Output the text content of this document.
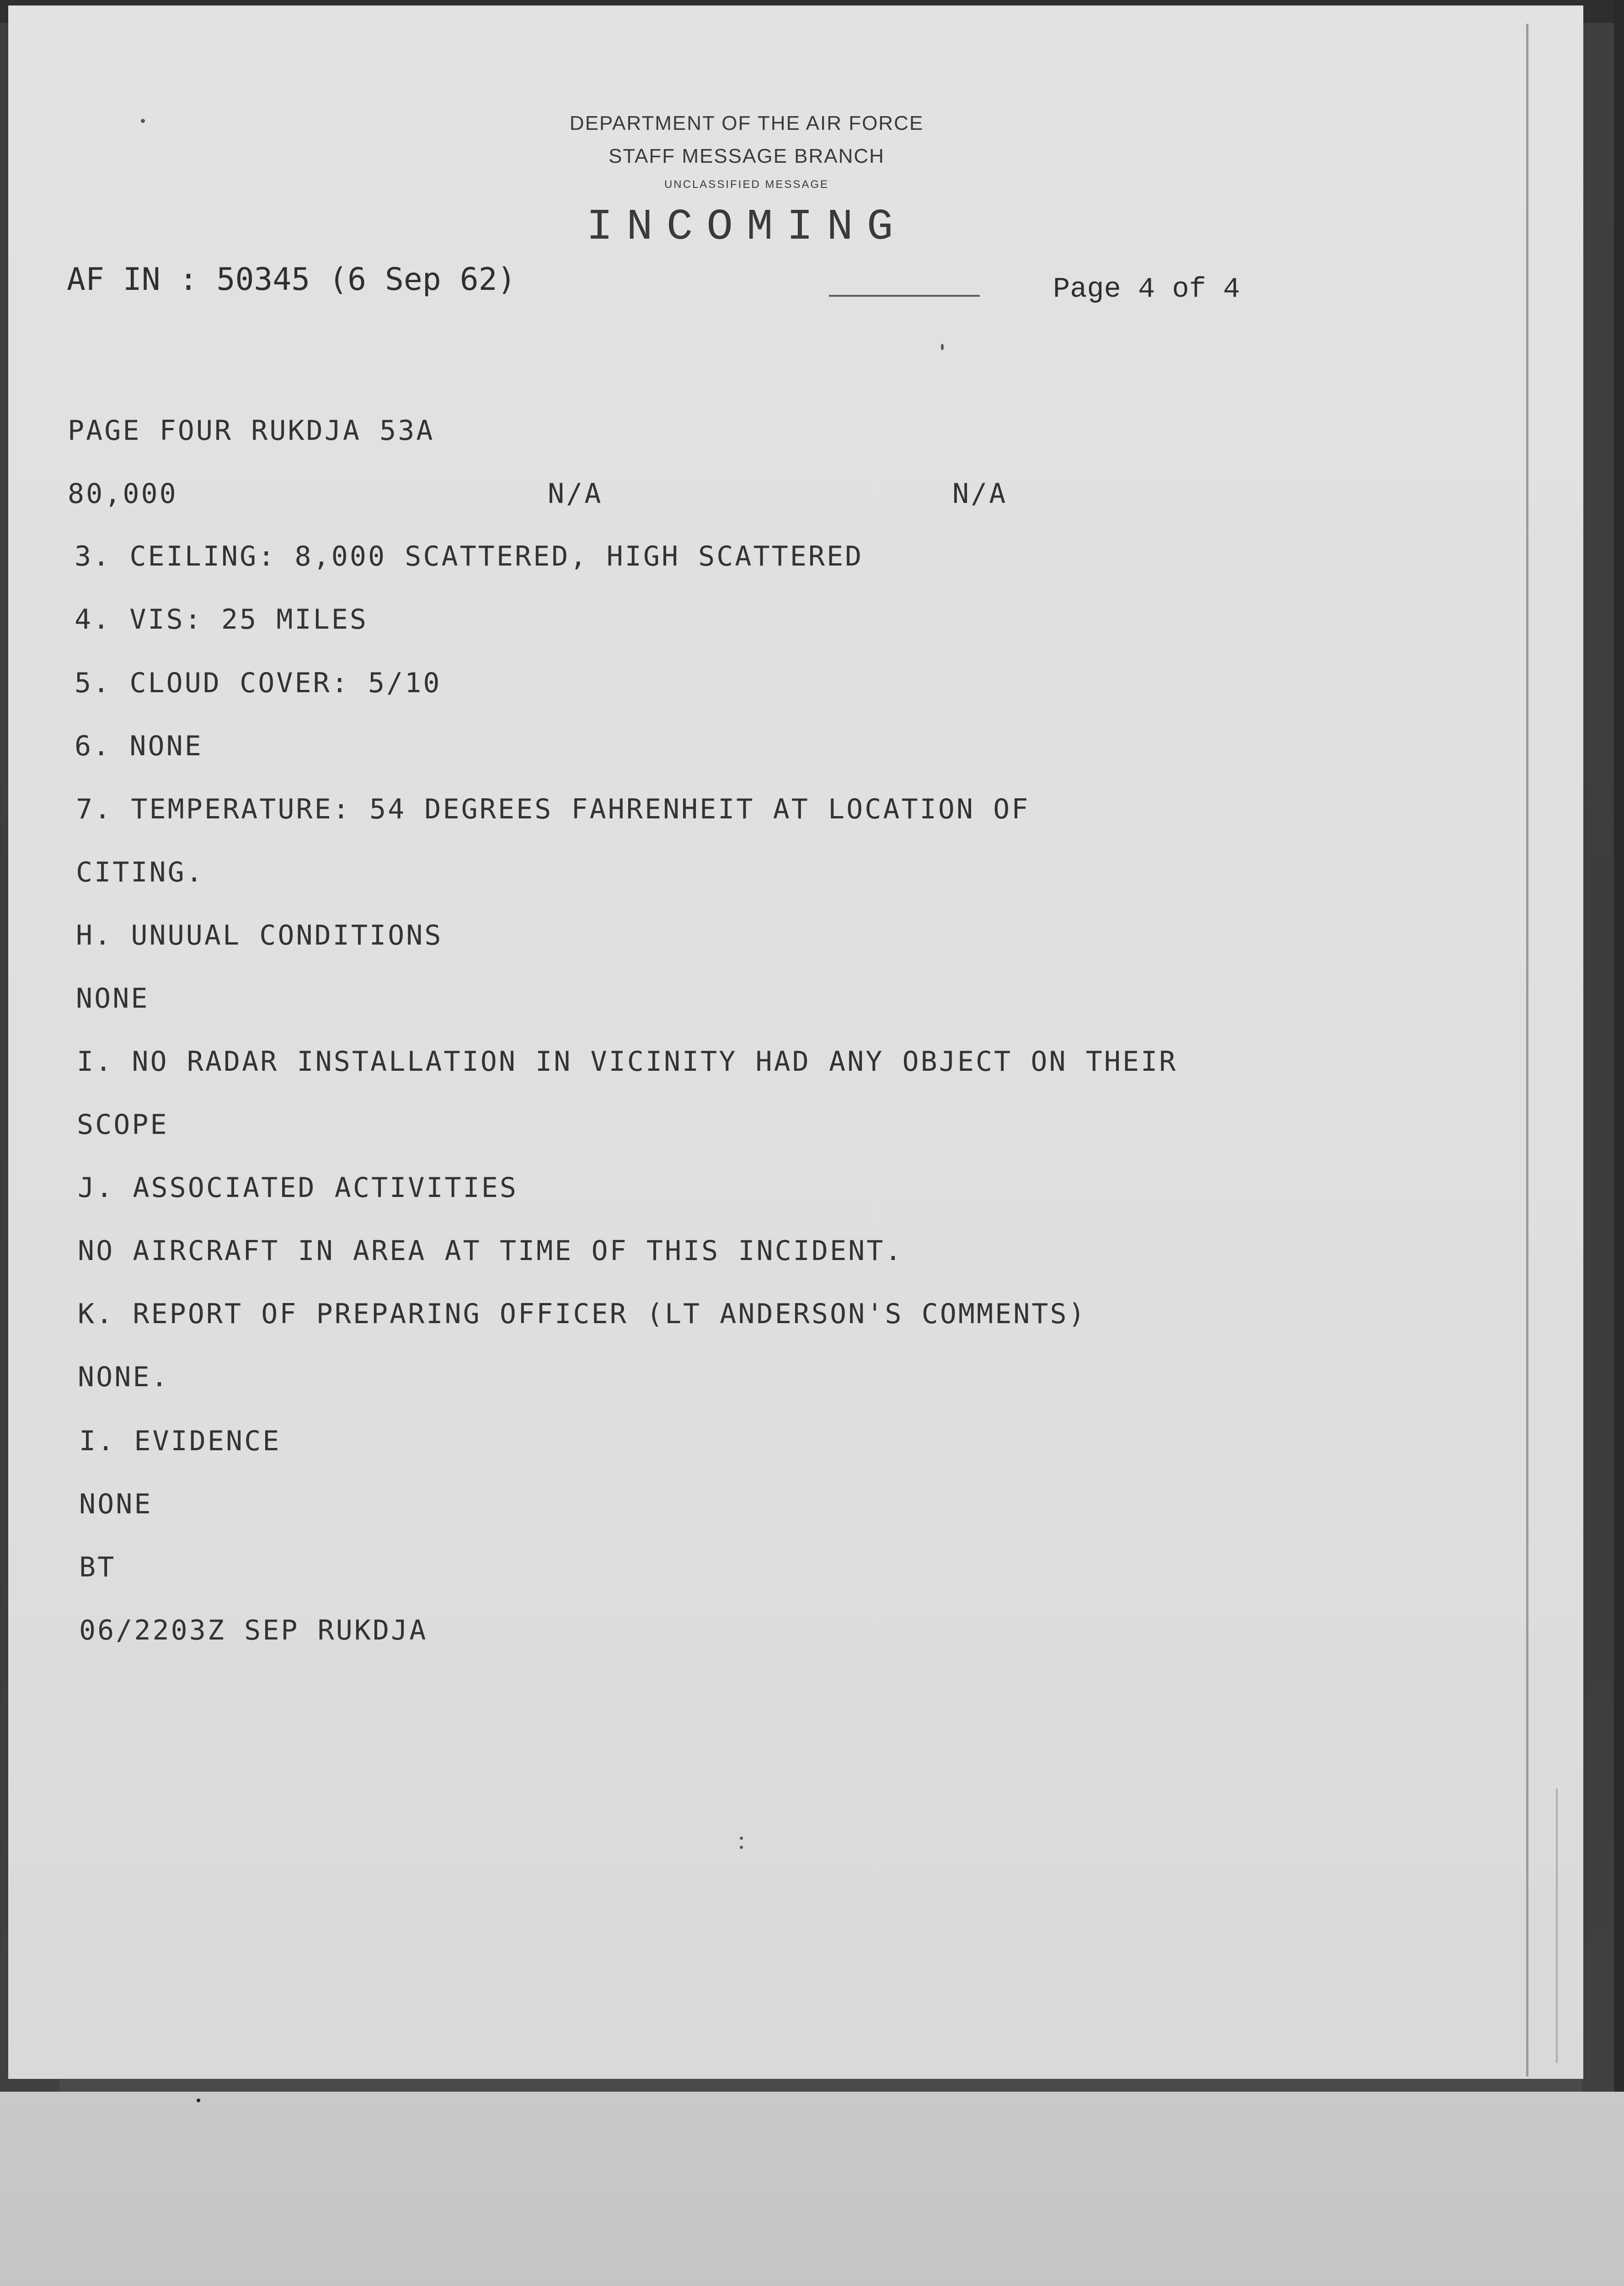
DEPARTMENT OF THE AIR FORCE
STAFF MESSAGE BRANCH
UNCLASSIFIED MESSAGE
INCOMING
AF IN : 50345 (6 Sep 62)	Page 4 of 4
PAGE FOUR RUKDJA 53A
80,000	N/A	N/A
3. CEILING: 8,000 SCATTERED, HIGH SCATTERED
4. VIS: 25 MILES
5. CLOUD COVER: 5/10
6. NONE
7. TEMPERATURE: 54 DEGREES FAHRENHEIT AT LOCATION OF
CITING.
H. UNUUAL CONDITIONS
NONE
I. NO RADAR INSTALLATION IN VICINITY HAD ANY OBJECT ON THEIR
SCOPE
J. ASSOCIATED ACTIVITIES
NO AIRCRAFT IN AREA AT TIME OF THIS INCIDENT.
K. REPORT OF PREPARING OFFICER (LT ANDERSON'S COMMENTS)
NONE.
I. EVIDENCE
NONE
BT
06/2203Z SEP RUKDJA
